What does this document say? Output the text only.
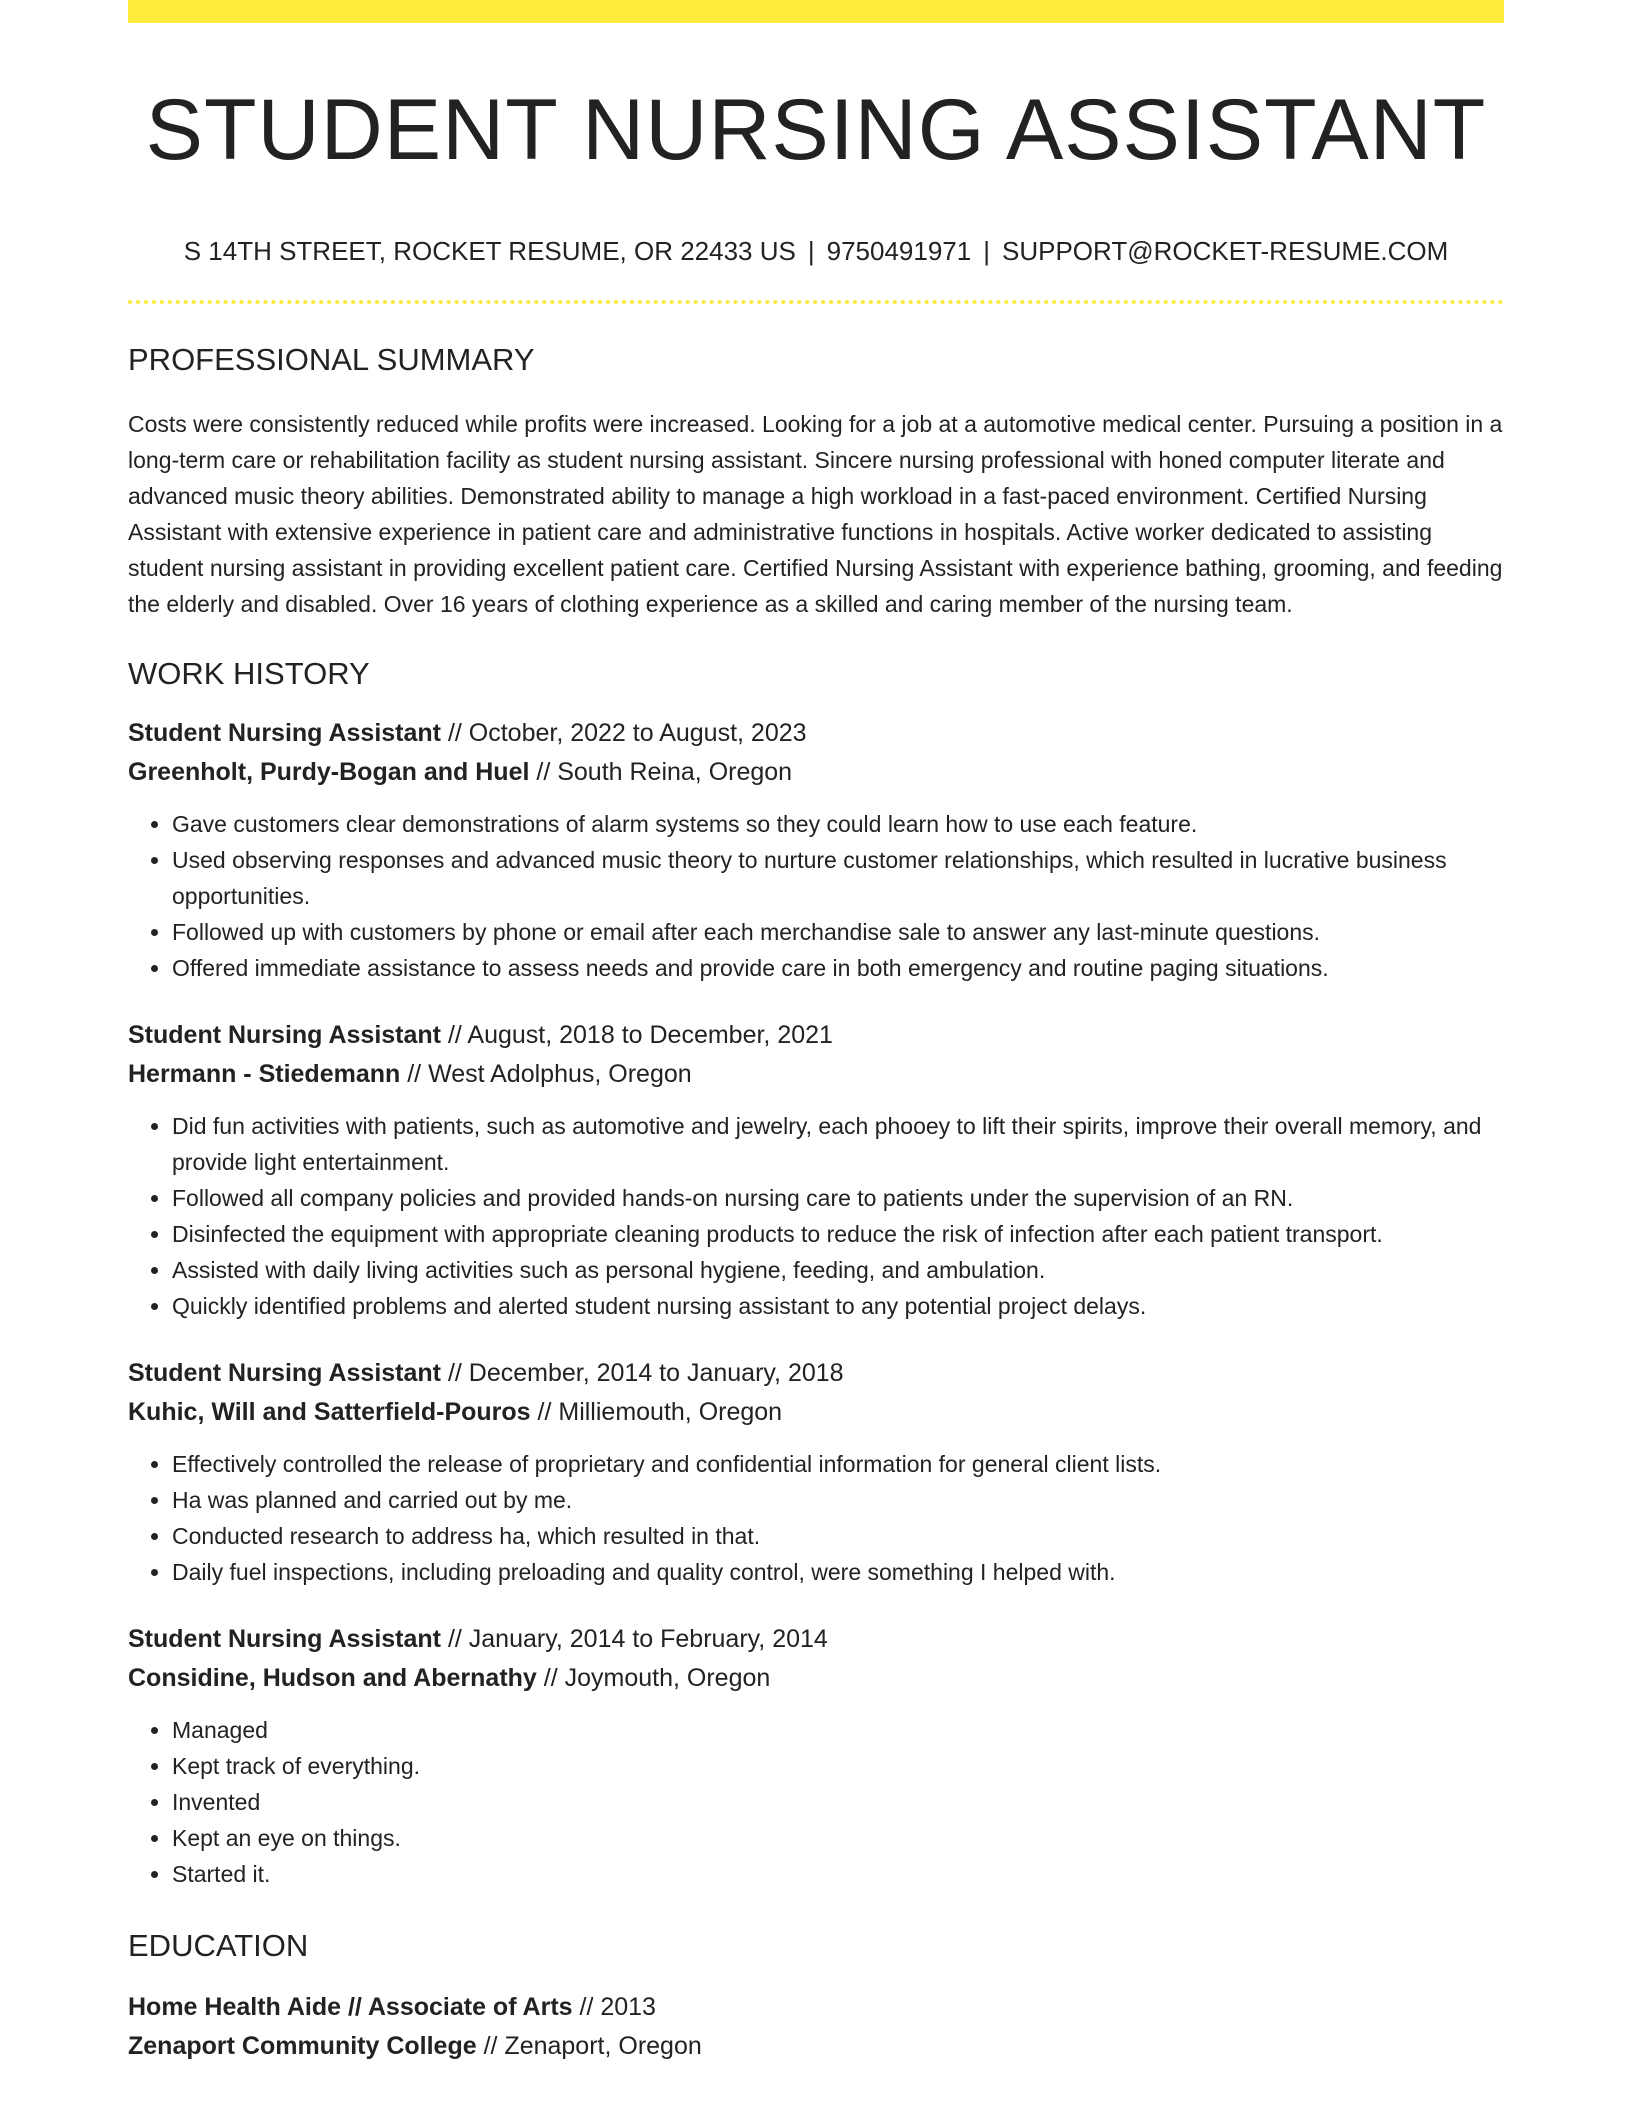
STUDENT NURSING ASSISTANT
S 14TH STREET, ROCKET RESUME, OR 22433 US | 9750491971 | SUPPORT@ROCKET-RESUME.COM
PROFESSIONAL SUMMARY

Costs were consistently reduced while profits were increased. Looking for a job at a automotive medical center. Pursuing a position in a long-term care or rehabilitation facility as student nursing assistant. Sincere nursing professional with honed computer literate and advanced music theory abilities. Demonstrated ability to manage a high workload in a fast-paced environment. Certified Nursing Assistant with extensive experience in patient care and administrative functions in hospitals. Active worker dedicated to assisting student nursing assistant in providing excellent patient care. Certified Nursing Assistant with experience bathing, grooming, and feeding the elderly and disabled. Over 16 years of clothing experience as a skilled and caring member of the nursing team.

WORK HISTORY
Student Nursing Assistant // October, 2022 to August, 2023
Greenholt, Purdy-Bogan and Huel // South Reina, Oregon
• Gave customers clear demonstrations of alarm systems so they could learn how to use each feature.
• Used observing responses and advanced music theory to nurture customer relationships, which resulted in lucrative business opportunities.
• Followed up with customers by phone or email after each merchandise sale to answer any last-minute questions.
• Offered immediate assistance to assess needs and provide care in both emergency and routine paging situations.
Student Nursing Assistant // August, 2018 to December, 2021
Hermann - Stiedemann // West Adolphus, Oregon
• Did fun activities with patients, such as automotive and jewelry, each phooey to lift their spirits, improve their overall memory, and provide light entertainment.
• Followed all company policies and provided hands-on nursing care to patients under the supervision of an RN.
• Disinfected the equipment with appropriate cleaning products to reduce the risk of infection after each patient transport.
• Assisted with daily living activities such as personal hygiene, feeding, and ambulation.
• Quickly identified problems and alerted student nursing assistant to any potential project delays.
Student Nursing Assistant // December, 2014 to January, 2018
Kuhic, Will and Satterfield-Pouros // Milliemouth, Oregon
• Effectively controlled the release of proprietary and confidential information for general client lists.
• Ha was planned and carried out by me.
• Conducted research to address ha, which resulted in that.
• Daily fuel inspections, including preloading and quality control, were something I helped with.
Student Nursing Assistant // January, 2014 to February, 2014
Considine, Hudson and Abernathy // Joymouth, Oregon
• Managed
• Kept track of everything.
• Invented
• Kept an eye on things.
• Started it.
EDUCATION
Home Health Aide // Associate of Arts // 2013
Zenaport Community College // Zenaport, Oregon
